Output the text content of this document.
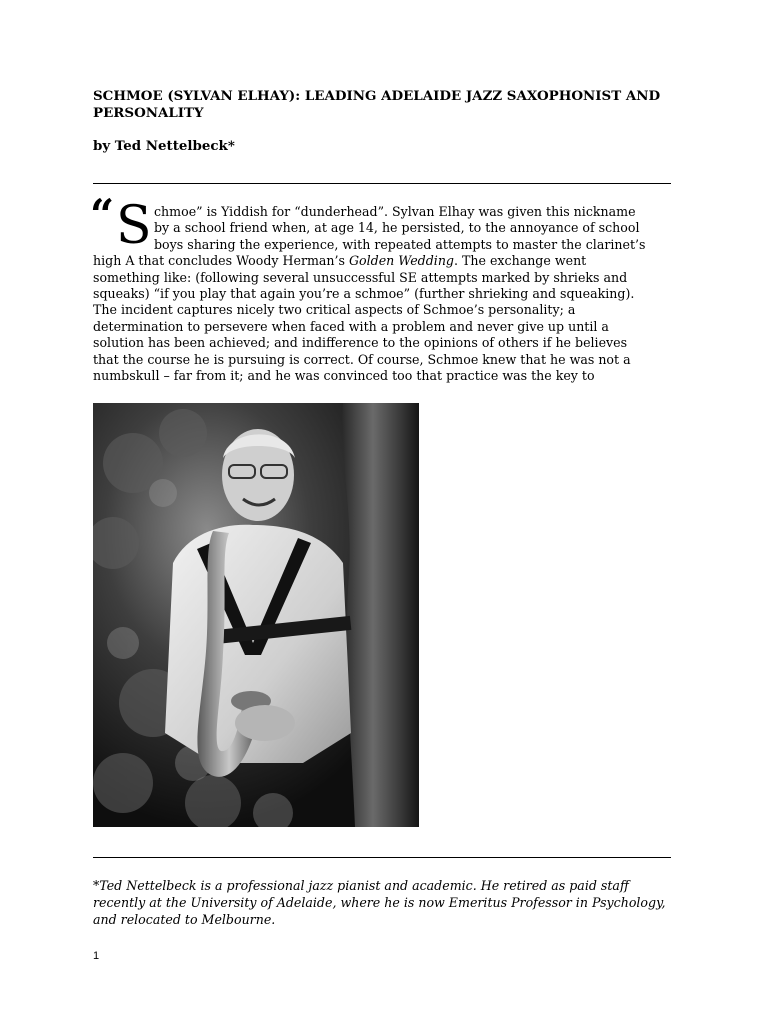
SCHMOE (SYLVAN ELHAY): LEADING ADELAIDE JAZZ SAXOPHONIST AND PERSONALITY

by Ted Nettelbeck*

“ S chmoe” is Yiddish for “dunderhead”. Sylvan Elhay was given this nickname
by a school friend when, at age 14, he persisted, to the annoyance of school
boys sharing the experience, with repeated attempts to master the clarinet’s
high A that concludes Woody Herman’s Golden Wedding. The exchange went
something like: (following several unsuccessful SE attempts marked by shrieks and
squeaks) “if you play that again you’re a schmoe” (further shrieking and squeaking).
The incident captures nicely two critical aspects of Schmoe’s personality; a
determination to persevere when faced with a problem and never give up until a
solution has been achieved; and indifference to the opinions of others if he believes
that the course he is pursuing is correct. Of course, Schmoe knew that he was not a
numbskull – far from it; and he was convinced too that practice was the key to

*Ted Nettelbeck is a professional jazz pianist and academic. He retired as paid staff recently at the University of Adelaide, where he is now Emeritus Professor in Psychology, and relocated to Melbourne.

1
